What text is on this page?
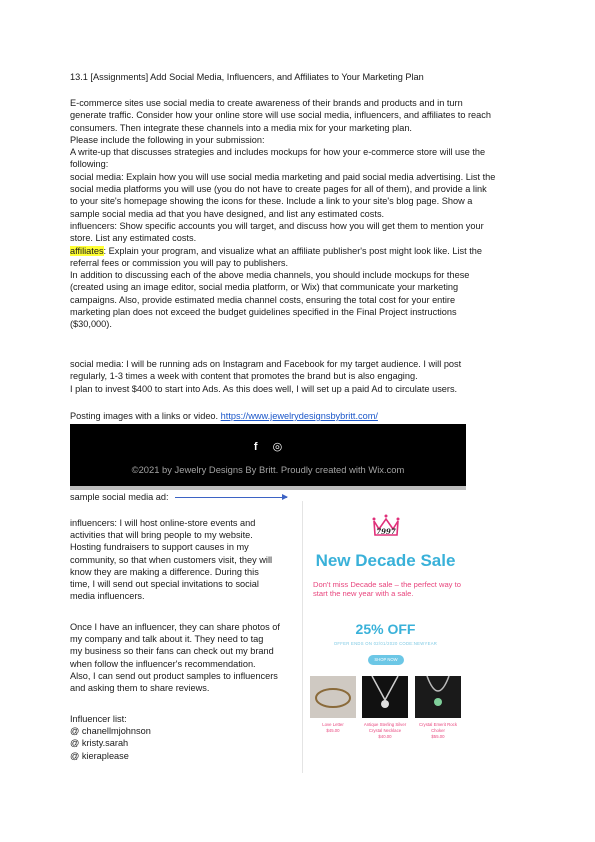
13.1 [Assignments] Add Social Media, Influencers, and Affiliates to Your Marketing Plan
E-commerce sites use social media to create awareness of their brands and products and in turn
generate traffic. Consider how your online store will use social media, influencers, and affiliates to reach
consumers. Then integrate these channels into a media mix for your marketing plan.
Please include the following in your submission:
A write-up that discusses strategies and includes mockups for how your e-commerce store will use the
following:
social media: Explain how you will use social media marketing and paid social media advertising. List the
social media platforms you will use (you do not have to create pages for all of them), and provide a link
to your site's homepage showing the icons for these. Include a link to your site's blog page. Show a
sample social media ad that you have designed, and list any estimated costs.
influencers: Show specific accounts you will target, and discuss how you will get them to mention your
store. List any estimated costs.
affiliates: Explain your program, and visualize what an affiliate publisher's post might look like. List the
referral fees or commission you will pay to publishers.
In addition to discussing each of the above media channels, you should include mockups for these
(created using an image editor, social media platform, or Wix) that communicate your marketing
campaigns. Also, provide estimated media channel costs, ensuring the total cost for your entire
marketing plan does not exceed the budget guidelines specified in the Final Project instructions
($30,000).
social media: I will be running ads on Instagram and Facebook for my target audience. I will post
regularly, 1-3 times a week with content that promotes the brand but is also engaging.
I plan to invest $400 to start into Ads. As this does well, I will set up a paid Ad to circulate users.
Posting images with a links or video. https://www.jewelrydesignsbybritt.com/
f ◎
©2021 by Jewelry Designs By Britt. Proudly created with Wix.com
sample social media ad:
influencers: I will host online-store events and
activities that will bring people to my website.
Hosting fundraisers to support causes in my
community, so that when customers visit, they will
know they are making a difference. During this
time, I will send out special invitations to social
media influencers.
Once I have an influencer, they can share photos of
my company and talk about it. They need to tag
my business so their fans can check out my brand
when follow the influencer's recommendation.
Also, I can send out product samples to influencers
and asking them to share reviews.
Influencer list:
@ chanellmjohnson
@ kristy.sarah
@ kieraplease
7997
New Decade Sale
Don't miss Decade sale – the perfect way to start the new year with a sale.
25% OFF
OFFER ENDS ON 02/01/2020 CODE:NEWYEAR
SHOP NOW
Love Letter
$45.00
Antique Sterling Silver Crystal Necklace
$40.00
Crystal Emerit Rock Choker
$55.00
